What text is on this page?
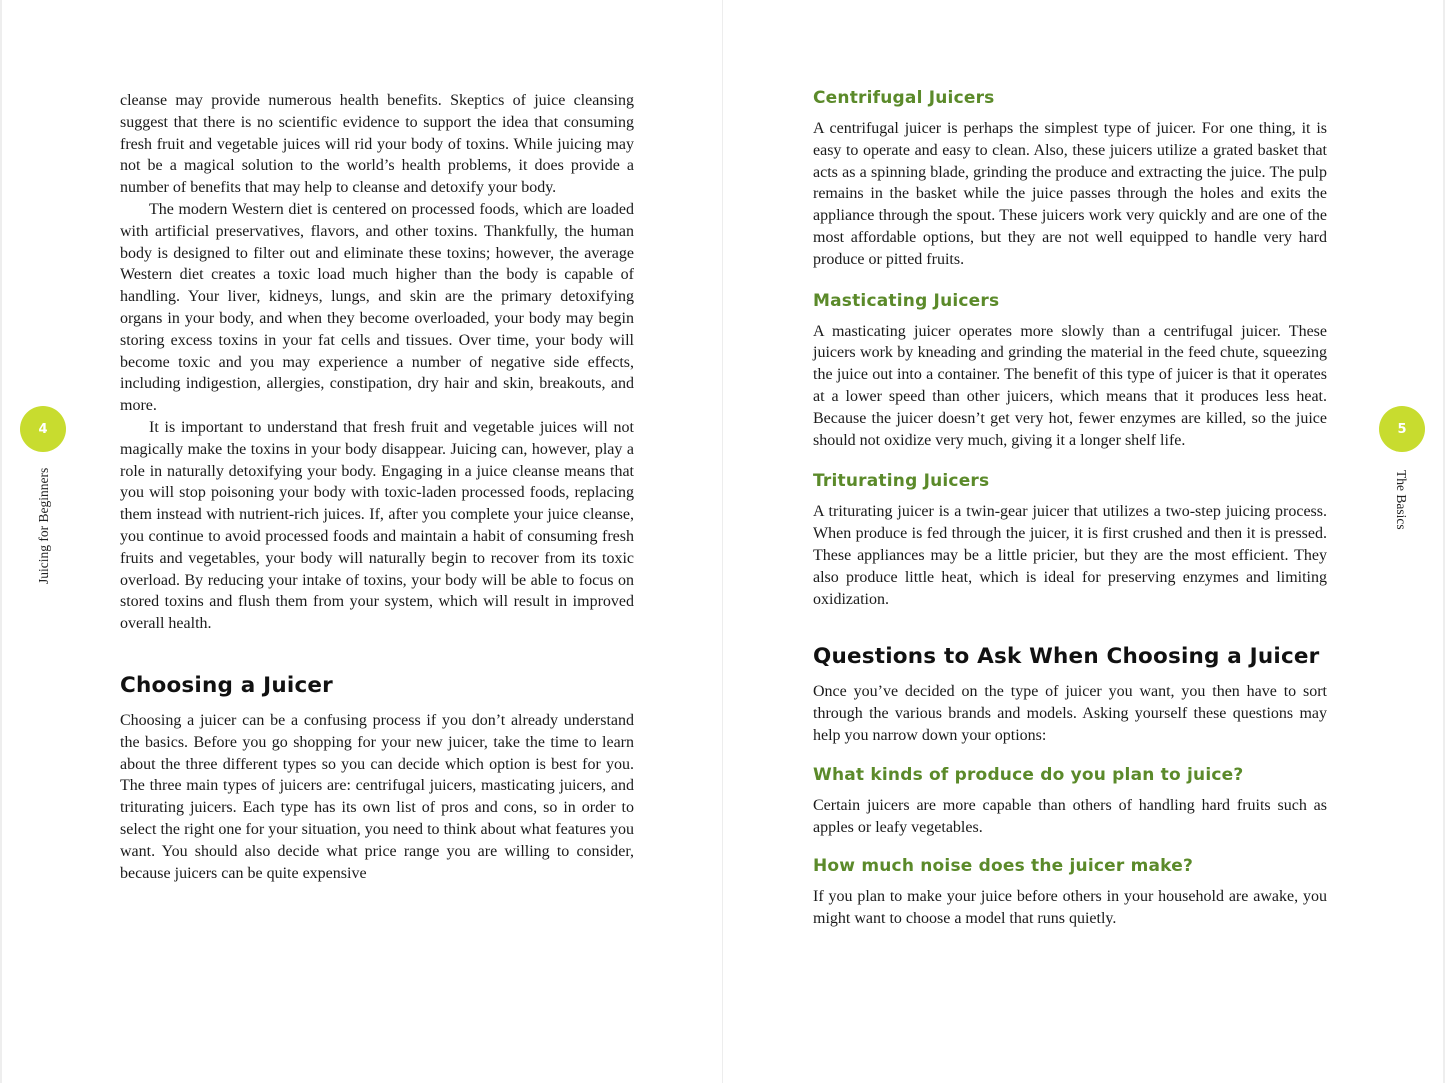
cleanse may provide numerous health benefits. Skeptics of juice cleansing suggest that there is no scientific evidence to support the idea that consuming fresh fruit and vegetable juices will rid your body of toxins. While juicing may not be a magical solution to the world’s health problems, it does provide a number of benefits that may help to cleanse and detoxify your body.

The modern Western diet is centered on processed foods, which are loaded with artificial preservatives, flavors, and other toxins. Thankfully, the human body is designed to filter out and eliminate these toxins; however, the average Western diet creates a toxic load much higher than the body is capable of handling. Your liver, kidneys, lungs, and skin are the primary detoxifying organs in your body, and when they become overloaded, your body may begin storing excess toxins in your fat cells and tissues. Over time, your body will become toxic and you may experience a number of negative side effects, including indigestion, allergies, constipation, dry hair and skin, breakouts, and more.

It is important to understand that fresh fruit and vegetable juices will not magically make the toxins in your body disappear. Juicing can, however, play a role in naturally detoxifying your body. Engaging in a juice cleanse means that you will stop poisoning your body with toxic-laden processed foods, replacing them instead with nutrient-rich juices. If, after you complete your juice cleanse, you continue to avoid processed foods and maintain a habit of consuming fresh fruits and vegetables, your body will naturally begin to recover from its toxic overload. By reducing your intake of toxins, your body will be able to focus on stored toxins and flush them from your system, which will result in improved overall health.

Choosing a Juicer

Choosing a juicer can be a confusing process if you don’t already understand the basics. Before you go shopping for your new juicer, take the time to learn about the three different types so you can decide which option is best for you. The three main types of juicers are: centrifugal juicers, masticating juicers, and triturating juicers. Each type has its own list of pros and cons, so in order to select the right one for your situation, you need to think about what features you want. You should also decide what price range you are willing to consider, because juicers can be quite expensive

4
Juicing for Beginners
Centrifugal Juicers

A centrifugal juicer is perhaps the simplest type of juicer. For one thing, it is easy to operate and easy to clean. Also, these juicers utilize a grated basket that acts as a spinning blade, grinding the produce and extracting the juice. The pulp remains in the basket while the juice passes through the holes and exits the appliance through the spout. These juicers work very quickly and are one of the most affordable options, but they are not well equipped to handle very hard produce or pitted fruits.

Masticating Juicers

A masticating juicer operates more slowly than a centrifugal juicer. These juicers work by kneading and grinding the material in the feed chute, squeezing the juice out into a container. The benefit of this type of juicer is that it operates at a lower speed than other juicers, which means that it produces less heat. Because the juicer doesn’t get very hot, fewer enzymes are killed, so the juice should not oxidize very much, giving it a longer shelf life.

Triturating Juicers

A triturating juicer is a twin-gear juicer that utilizes a two-step juicing process. When produce is fed through the juicer, it is first crushed and then it is pressed. These appliances may be a little pricier, but they are the most efficient. They also produce little heat, which is ideal for preserving enzymes and limiting oxidization.

Questions to Ask When Choosing a Juicer

Once you’ve decided on the type of juicer you want, you then have to sort through the various brands and models. Asking yourself these questions may help you narrow down your options:

What kinds of produce do you plan to juice?

Certain juicers are more capable than others of handling hard fruits such as apples or leafy vegetables.

How much noise does the juicer make?

If you plan to make your juice before others in your household are awake, you might want to choose a model that runs quietly.

5
The Basics
